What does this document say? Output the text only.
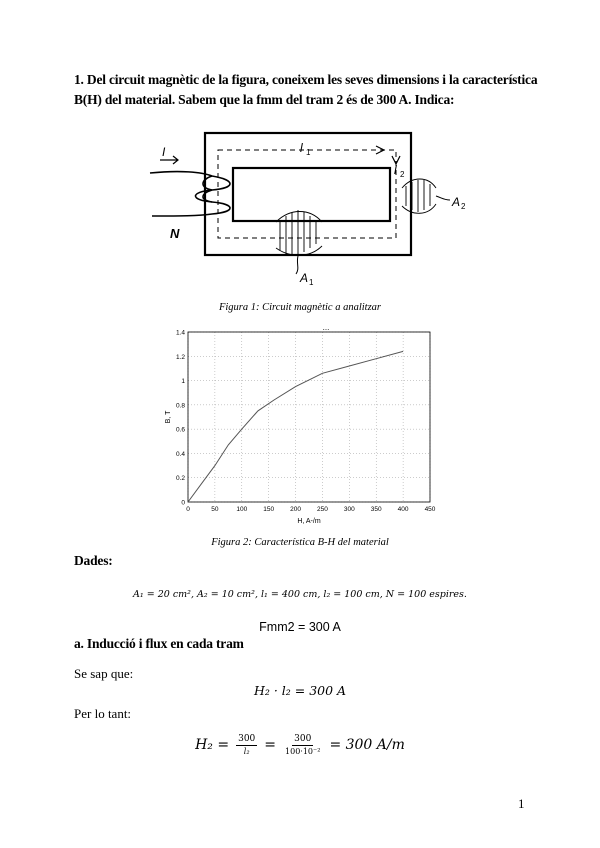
1. Del circuit magnètic de la figura, coneixem les seves dimensions i la característica
B(H) del material. Sabem que la fmm del tram 2 és de 300 A. Indica:
I
N
l 1
l 2
A 1
A 2
Figura 1: Circuit magnètic a analitzar
...
0	50	100 150 200 250 300 350 400 450
0
0.2
0.4
0.6
0.8
1
1.2
1.4
H, A-/m
B, T
Figura 2: Característica B-H del material
Dades:
A₁ = 20 cm², A₂ = 10 cm², l₁ = 400 cm, l₂ = 100 cm, N = 100 espires.
Fmm2 = 300 A
a. Inducció i flux en cada tram
Se sap que:
H₂ · l₂ = 300 A
Per lo tant:
$H_2 = \frac{300}{\text{l₂}} = \frac{300}{\text{100·10⁻²}} = 300$ A/m
1
